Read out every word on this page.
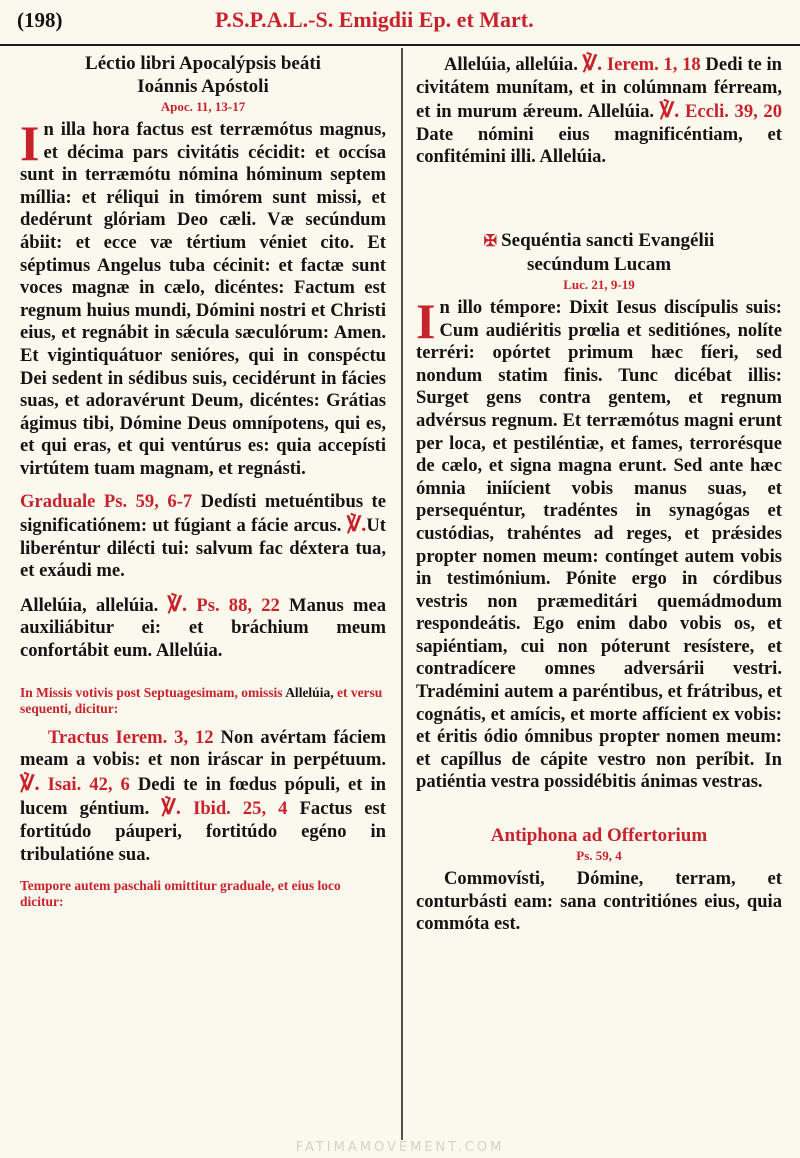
(198)	P.S.P.A.L.-S. Emigdii Ep. et Mart.

Léctio libri Apocalýpsis beáti

Ioánnis Apóstoli

Apoc. 11, 13-17

In illa hora factus est terræmótus magnus, et décima pars civitátis cécidit: et occísa sunt in terræmótu nómina hóminum septem míllia: et réliqui in timórem sunt missi, et dedérunt glóriam Deo cæli. Væ secúndum ábiit: et ecce væ tértium véniet cito. Et séptimus Angelus tuba cécinit: et factæ sunt voces magnæ in cælo, dicéntes: Factum est regnum huius mundi, Dómini nostri et Christi eius, et regnábit in sǽcula sæculórum: Amen. Et vigintiquátuor senióres, qui in conspéctu Dei sedent in sédibus suis, cecidérunt in fácies suas, et adoravérunt Deum, dicéntes: Grátias ágimus tibi, Dómine Deus omnípotens, qui es, et qui eras, et qui ventúrus es: quia accepísti virtútem tuam magnam, et regnásti.

Graduale Ps. 59, 6-7 Dedísti metuéntibus te significatiónem: ut fúgiant a fácie arcus. ℣.Ut liberéntur dilécti tui: salvum fac déxtera tua, et exáudi me.

Allelúia, allelúia. ℣. Ps. 88, 22 Manus mea auxiliábitur ei: et bráchium meum confortábit eum. Allelúia.

In Missis votivis post Septuagesimam, omissis Allelúia, et versu sequenti, dicitur:

Tractus Ierem. 3, 12 Non avértam fáciem meam a vobis: et non iráscar in perpétuum. ℣. Isai. 42, 6 Dedi te in fœdus pópuli, et in lucem géntium. ℣. Ibid. 25, 4 Factus est fortitúdo páuperi, fortitúdo egéno in tribulatióne sua.

Tempore autem paschali omittitur graduale, et eius loco dicitur:

Allelúia, allelúia. ℣. Ierem. 1, 18 Dedi te in civitátem munítam, et in colúmnam férream, et in murum ǽreum. Allelúia. ℣. Eccli. 39, 20 Date nómini eius magnificéntiam, et confitémini illi. Allelúia.

✠ Sequéntia sancti Evangélii

secúndum Lucam

Luc. 21, 9-19

In illo témpore: Dixit Iesus discípulis suis: Cum audiéritis prœlia et seditiónes, nolíte terréri: opórtet primum hæc fíeri, sed nondum statim finis. Tunc dicébat illis: Surget gens contra gentem, et regnum advérsus regnum. Et terræmótus magni erunt per loca, et pestiléntiæ, et fames, terrorésque de cælo, et signa magna erunt. Sed ante hæc ómnia iniícient vobis manus suas, et persequéntur, tradéntes in synagógas et custódias, trahéntes ad reges, et prǽsides propter nomen meum: contínget autem vobis in testimónium. Pónite ergo in córdibus vestris non præmeditári quemádmodum respondeátis. Ego enim dabo vobis os, et sapiéntiam, cui non póterunt resístere, et contradícere omnes adversárii vestri. Tradémini autem a paréntibus, et frátribus, et cognátis, et amícis, et morte affícient ex vobis: et éritis ódio ómnibus propter nomen meum: et capíllus de cápite vestro non períbit. In patiéntia vestra possidébitis ánimas vestras.

Antiphona ad Offertorium

Ps. 59, 4

Commovísti, Dómine, terram, et conturbásti eam: sana contritiónes eius, quia commóta est.

FATIMAMOVEMENT.COM
